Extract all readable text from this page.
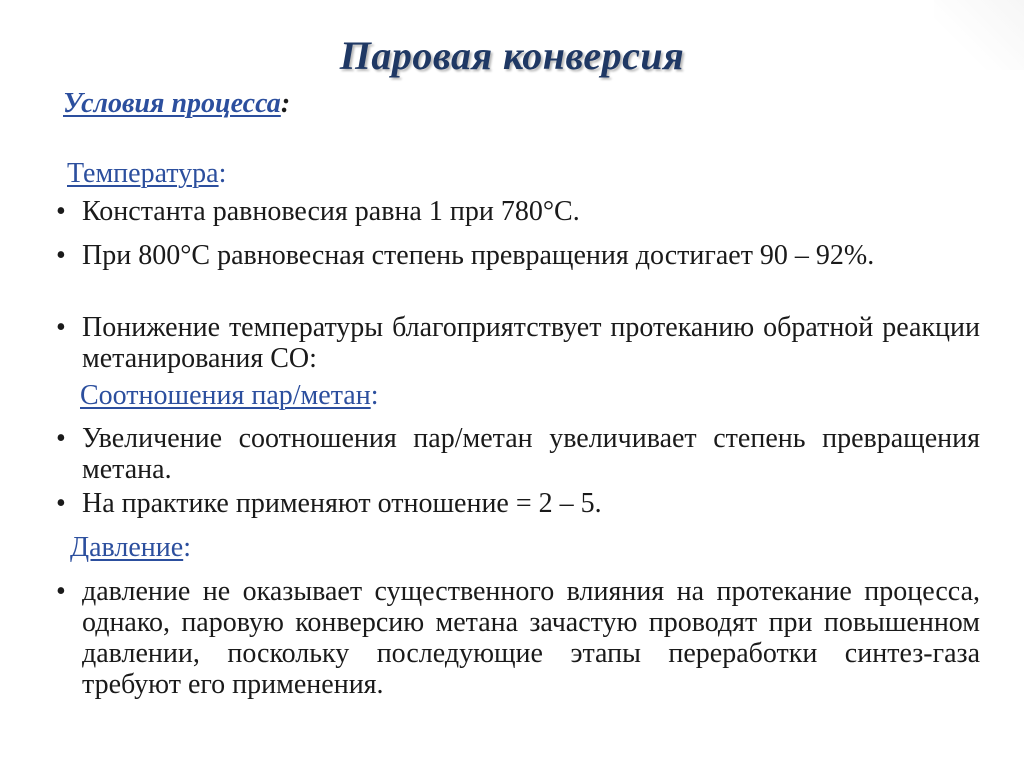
Паровая конверсия
Условия процесса:
Температура:
• Константа равновесия равна 1 при 780°C.
• При 800°C равновесная степень превращения достигает 90 – 92%.
• Понижение температуры благоприятствует протеканию обратной реакции метанирования CO:
Соотношения пар/метан:
• Увеличение соотношения пар/метан увеличивает степень превращения метана.
• На практике применяют отношение = 2 – 5.
Давление:
• давление не оказывает существенного влияния на протекание процесса, однако, паровую конверсию метана зачастую проводят при повышенном давлении, поскольку последующие этапы переработки синтез-газа требуют его применения.
